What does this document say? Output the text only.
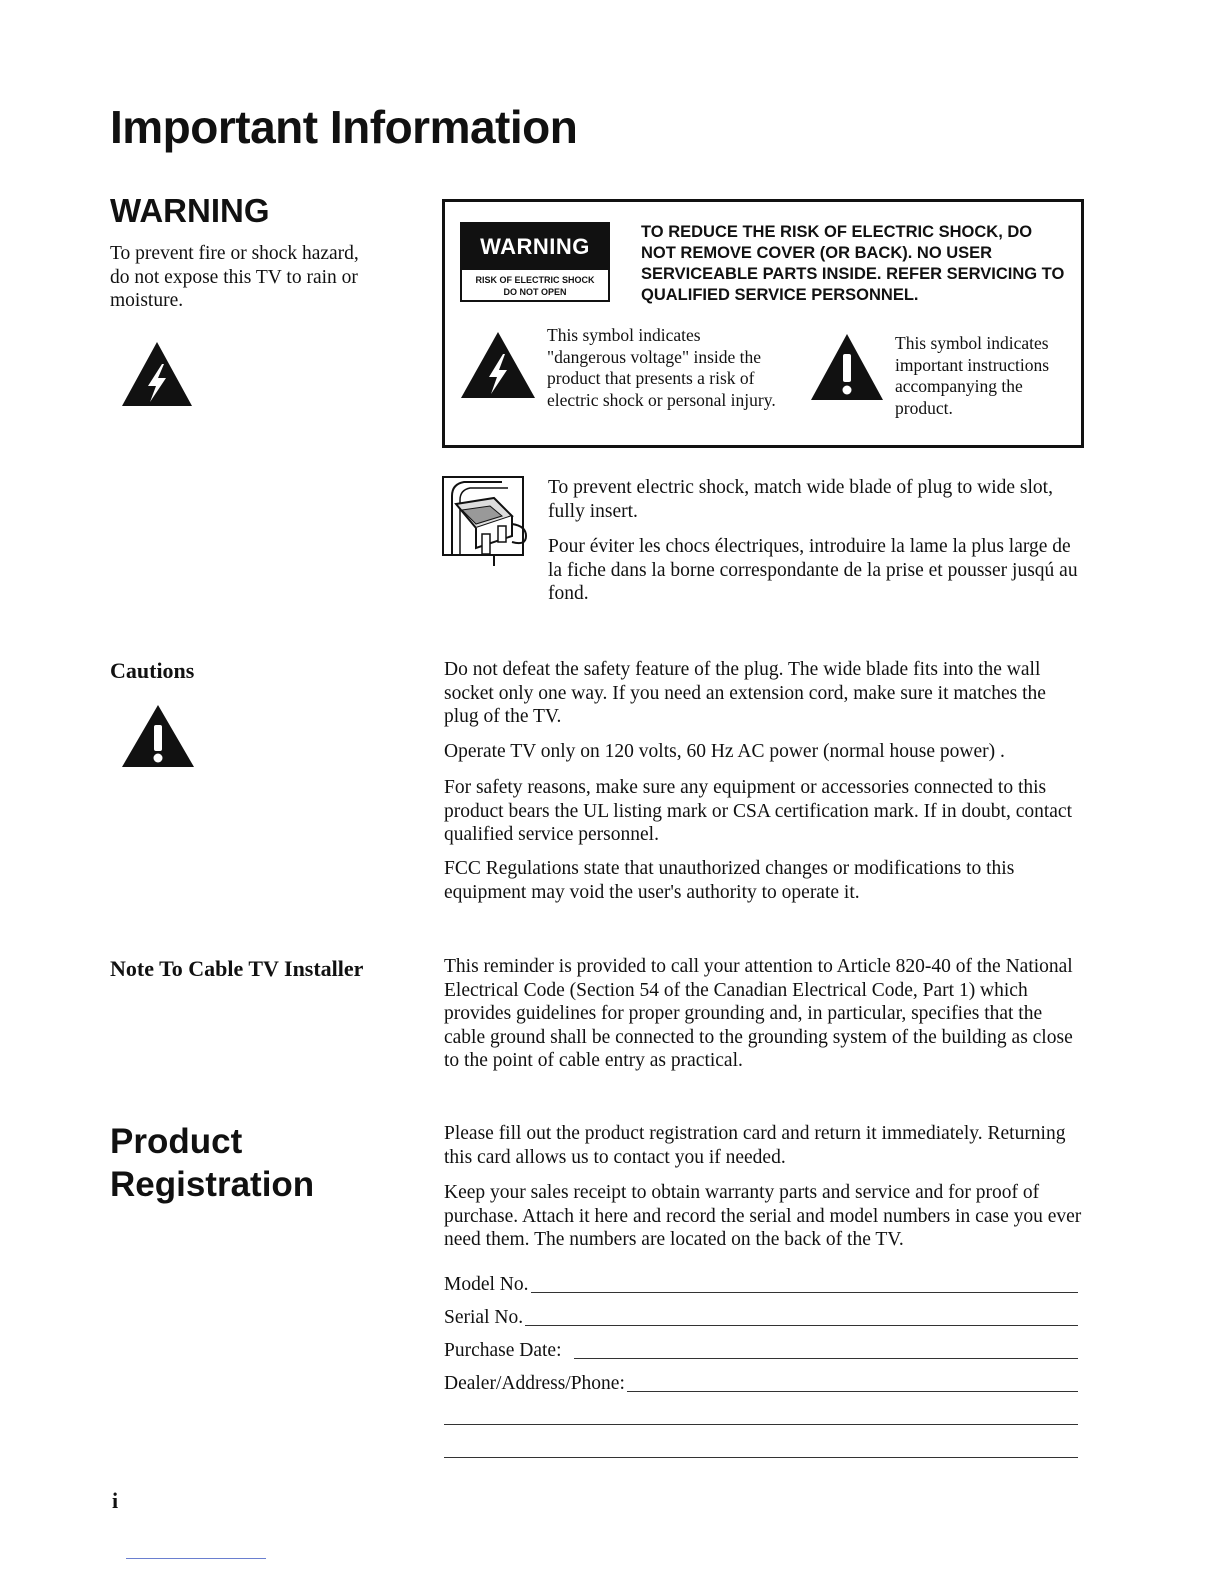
Important Information
WARNING

To prevent fire or shock hazard, do not expose this TV to rain or moisture.

WARNING
RISK OF ELECTRIC SHOCK
DO NOT OPEN

TO REDUCE THE RISK OF ELECTRIC SHOCK, DO NOT REMOVE COVER (OR BACK). NO USER SERVICEABLE PARTS INSIDE. REFER SERVICING TO QUALIFIED SERVICE PERSONNEL.

This symbol indicates "dangerous voltage" inside the product that presents a risk of electric shock or personal injury.

This symbol indicates important instructions accompanying the product.

To prevent electric shock, match wide blade of plug to wide slot, fully insert.

Pour éviter les chocs électriques, introduire la lame la plus large de la fiche dans la borne correspondante de la prise et pousser jusqú au fond.

Cautions	Do not defeat the safety feature of the plug. The wide blade fits into the wall socket only one way. If you need an extension cord, make sure it matches the plug of the TV.

Operate TV only on 120 volts, 60 Hz AC power (normal house power) .

For safety reasons, make sure any equipment or accessories connected to this product bears the UL listing mark or CSA certification mark. If in doubt, contact qualified service personnel.

FCC Regulations state that unauthorized changes or modifications to this equipment may void the user's authority to operate it.

Note To Cable TV Installer	This reminder is provided to call your attention to Article 820-40 of the National Electrical Code (Section 54 of the Canadian Electrical Code, Part 1) which provides guidelines for proper grounding and, in particular, specifies that the cable ground shall be connected to the grounding system of the building as close to the point of cable entry as practical.

Product
Registration

Please fill out the product registration card and return it immediately. Returning this card allows us to contact you if needed.

Keep your sales receipt to obtain warranty parts and service and for proof of purchase. Attach it here and record the serial and model numbers in case you ever need them. The numbers are located on the back of the TV.

Model No.
Serial No.
Purchase Date:
Dealer/Address/Phone:

i
